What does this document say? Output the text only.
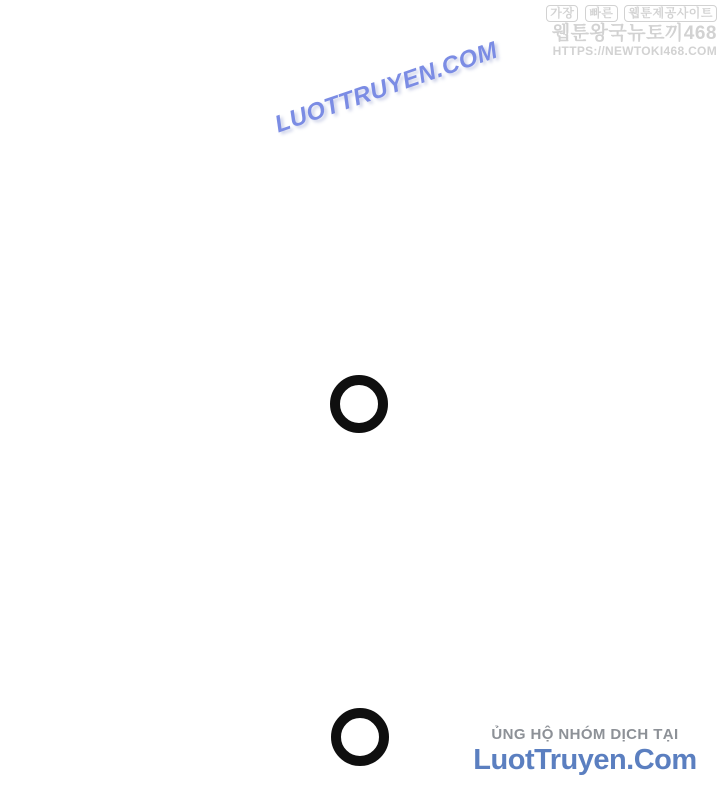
가장 빠른 웹툰제공사이트
웹툰왕국뉴토끼468
HTTPS://NEWTOKI468.COM
LUOTTRUYEN.COM
ỦNG HỘ NHÓM DỊCH TẠI
LuotTruyen.Com
